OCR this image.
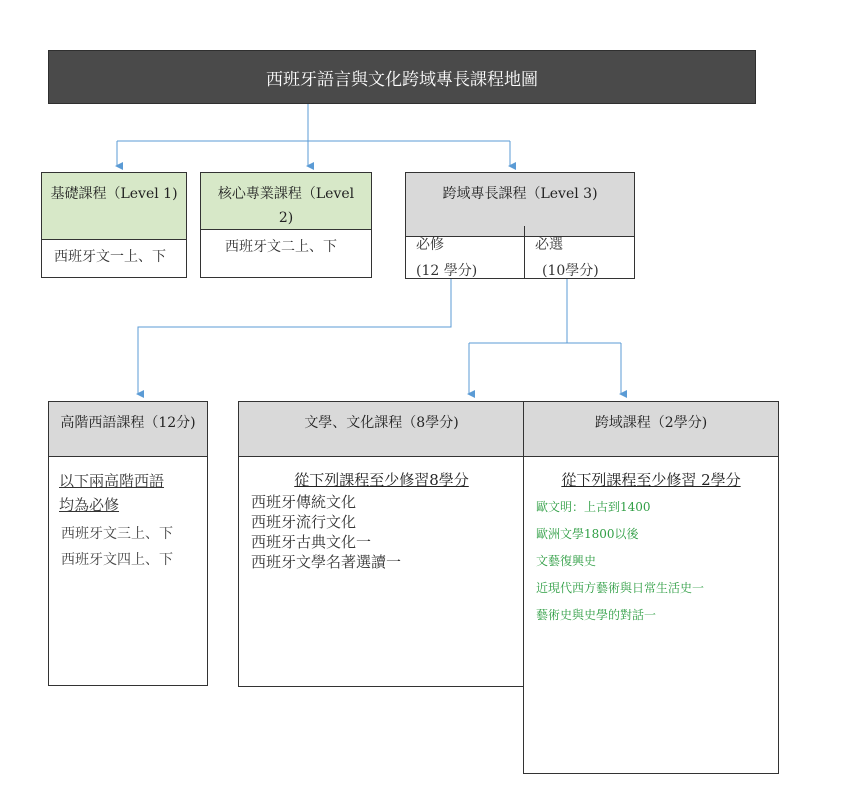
西班牙語言與文化跨域專長課程地圖
基礎課程（Level 1)
西班牙文一上、下
核心專業課程（Level
2)
西班牙文二上、下
跨域專長課程（Level 3)
必修
(12 學分)
必選
(10學分)
高階西語課程（12分)
以下兩高階西語
均為必修
西班牙文三上、下
西班牙文四上、下
文學、文化課程（8學分)
從下列課程至少修習8學分
西班牙傳統文化
西班牙流行文化
西班牙古典文化一
西班牙文學名著選讀一
跨域課程（2學分)
從下列課程至少修習 2學分
歐文明：上古到1400
歐洲文學1800以後
文藝復興史
近現代西方藝術與日常生活史一
藝術史與史學的對話一
